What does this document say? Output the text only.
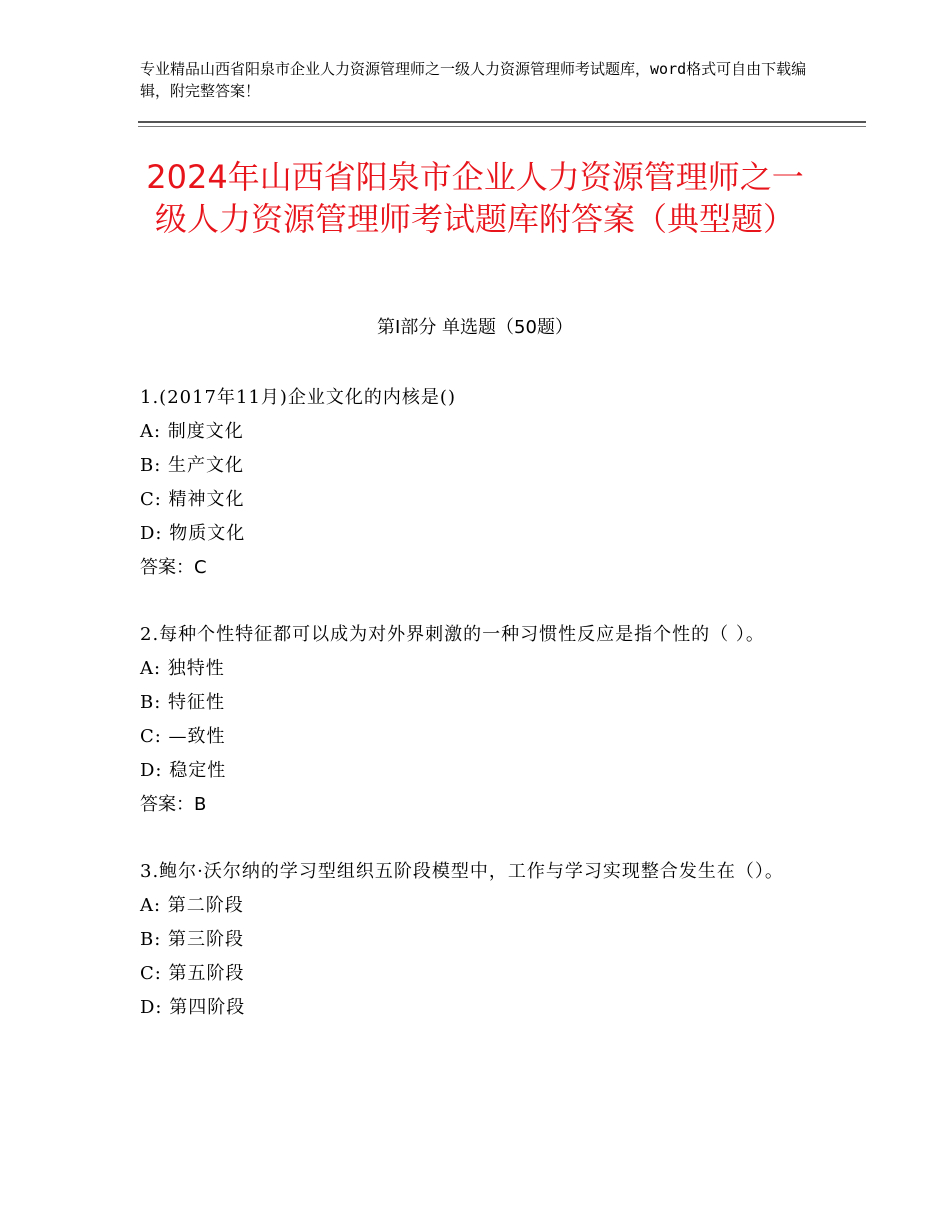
专业精品山西省阳泉市企业人力资源管理师之一级人力资源管理师考试题库，word格式可自由下载编辑，附完整答案！
2024年山西省阳泉市企业人力资源管理师之一级人力资源管理师考试题库附答案（典型题）
第Ⅰ部分 单选题（50题）

1.(2017年11月)企业文化的内核是()

A: 制度文化

B: 生产文化

C: 精神文化

D: 物质文化

答案：C

2.每种个性特征都可以成为对外界刺激的一种习惯性反应是指个性的（ ）。

A: 独特性

B: 特征性

C: —致性

D: 稳定性

答案：B

3.鲍尔·沃尔纳的学习型组织五阶段模型中，工作与学习实现整合发生在（）。

A: 第二阶段

B: 第三阶段

C: 第五阶段

D: 第四阶段
